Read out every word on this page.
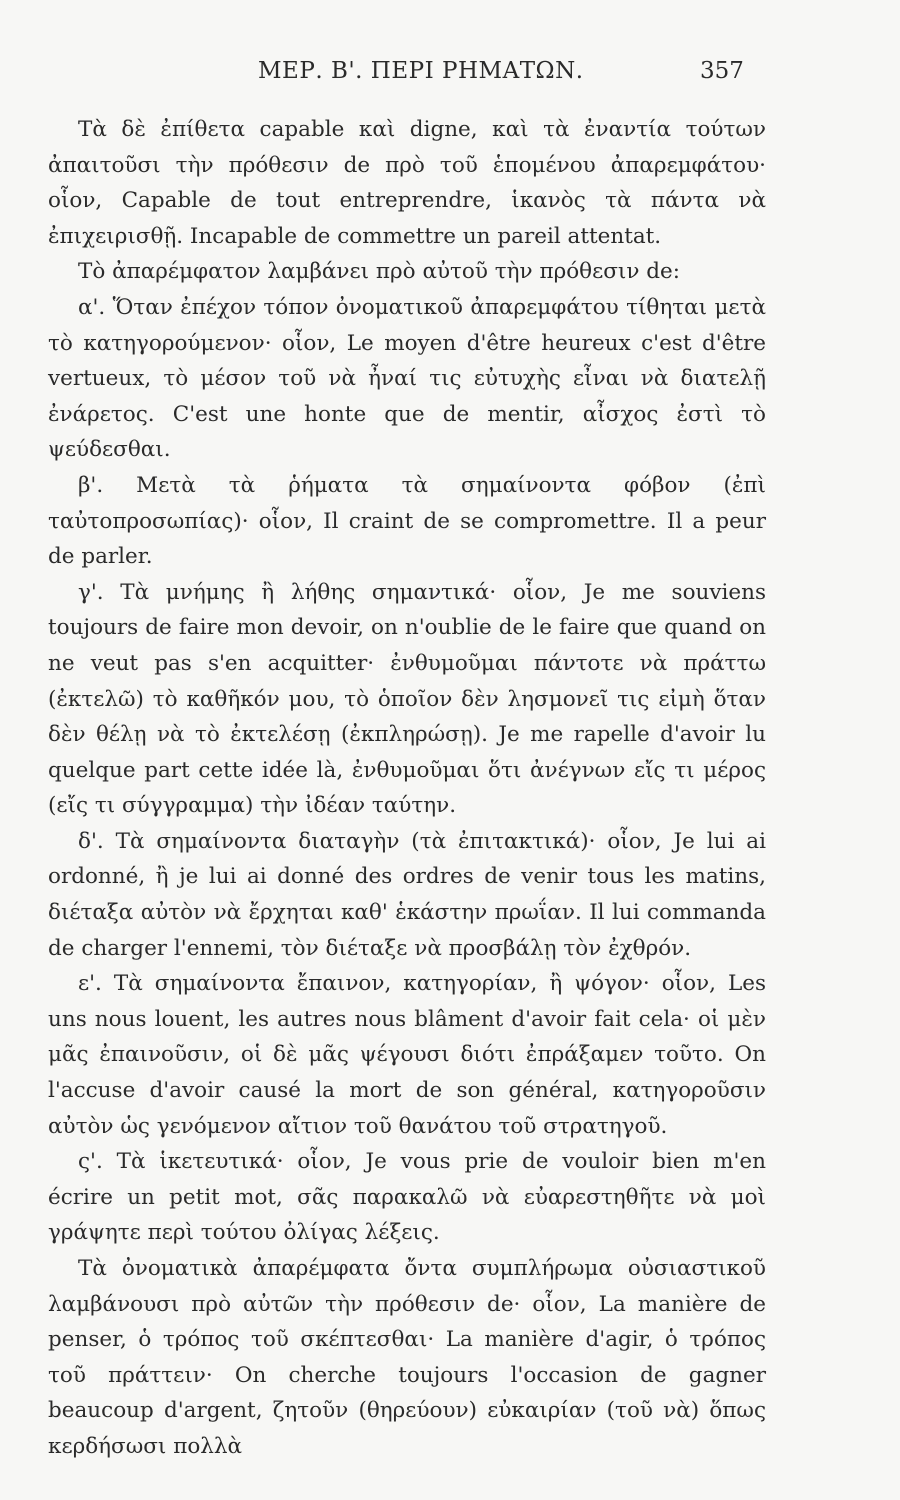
ΜΕΡ. Β'. ΠΕΡΙ ΡΗΜΑΤΩΝ.	357

Τὰ δὲ ἐπίθετα capable καὶ digne, καὶ τὰ ἐναντία τούτων ἀπαιτοῦσι τὴν πρόθεσιν de πρὸ τοῦ ἑπομένου ἀπαρεμφάτου· οἷον, Capable de tout entreprendre, ἱκανὸς τὰ πάντα νὰ ἐπιχειρισθῇ. Incapable de commettre un pareil attentat.

Τὸ ἀπαρέμφατον λαμβάνει πρὸ αὐτοῦ τὴν πρόθεσιν de:

α'. Ὅταν ἐπέχον τόπον ὀνοματικοῦ ἀπαρεμφάτου τίθηται μετὰ τὸ κατηγορούμενον· οἷον, Le moyen d'être heureux c'est d'être vertueux, τὸ μέσον τοῦ νὰ ἦναί τις εὐτυχὴς εἶναι νὰ διατελῇ ἐνάρετος. C'est une honte que de mentir, αἶσχος ἐστὶ τὸ ψεύδεσθαι.

β'. Μετὰ τὰ ῥήματα τὰ σημαίνοντα φόβον (ἐπὶ ταὐτοπροσωπίας)· οἷον, Il craint de se compromettre. Il a peur de parler.

γ'. Τὰ μνήμης ἢ λήθης σημαντικά· οἷον, Je me souviens toujours de faire mon devoir, on n'oublie de le faire que quand on ne veut pas s'en acquitter· ἐνθυμοῦμαι πάντοτε νὰ πράττω (ἐκτελῶ) τὸ καθῆκόν μου, τὸ ὁποῖον δὲν λησμονεῖ τις εἰμὴ ὅταν δὲν θέλῃ νὰ τὸ ἐκτελέσῃ (ἐκπληρώσῃ). Je me rapelle d'avoir lu quelque part cette idée là, ἐνθυμοῦμαι ὅτι ἀνέγνων εἴς τι μέρος (εἴς τι σύγγραμμα) τὴν ἰδέαν ταύτην.

δ'. Τὰ σημαίνοντα διαταγὴν (τὰ ἐπιτακτικά)· οἷον, Je lui ai ordonné, ἢ je lui ai donné des ordres de venir tous les matins, διέταξα αὐτὸν νὰ ἔρχηται καθ' ἑκάστην πρωΐαν. Il lui commanda de charger l'ennemi, τὸν διέταξε νὰ προσβάλῃ τὸν ἐχθρόν.

ε'. Τὰ σημαίνοντα ἔπαινον, κατηγορίαν, ἢ ψόγον· οἷον, Les uns nous louent, les autres nous blâment d'avoir fait cela· οἱ μὲν μᾶς ἐπαινοῦσιν, οἱ δὲ μᾶς ψέγουσι διότι ἐπράξαμεν τοῦτο. On l'accuse d'avoir causé la mort de son général, κατηγοροῦσιν αὐτὸν ὡς γενόμενον αἴτιον τοῦ θανάτου τοῦ στρατηγοῦ.

ς'. Τὰ ἱκετευτικά· οἷον, Je vous prie de vouloir bien m'en écrire un petit mot, σᾶς παρακαλῶ νὰ εὐαρεστηθῆτε νὰ μοὶ γράψητε περὶ τούτου ὀλίγας λέξεις.

Τὰ ὀνοματικὰ ἀπαρέμφατα ὄντα συμπλήρωμα οὐσιαστικοῦ λαμβάνουσι πρὸ αὐτῶν τὴν πρόθεσιν de· οἷον, La manière de penser, ὁ τρόπος τοῦ σκέπτεσθαι· La manière d'agir, ὁ τρόπος τοῦ πράττειν· On cherche toujours l'occasion de gagner beaucoup d'argent, ζητοῦν (θηρεύουν) εὐκαιρίαν (τοῦ νὰ) ὅπως κερδήσωσι πολλὰ
